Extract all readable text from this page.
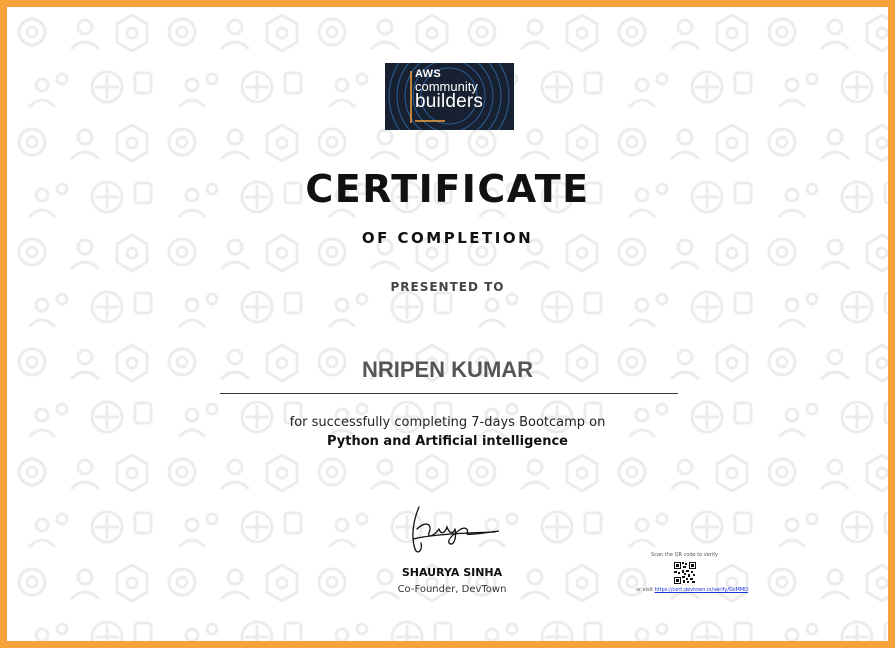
AWS
community
builders
CERTIFICATE
OF COMPLETION
PRESENTED TO
NRIPEN KUMAR
for successfully completing 7-days Bootcamp on
Python and Artificial intelligence
SHAURYA SINHA
Co-Founder, DevTown
Scan the QR code to verify
or visit https://cert.devtown.in/verify/GsMMD
